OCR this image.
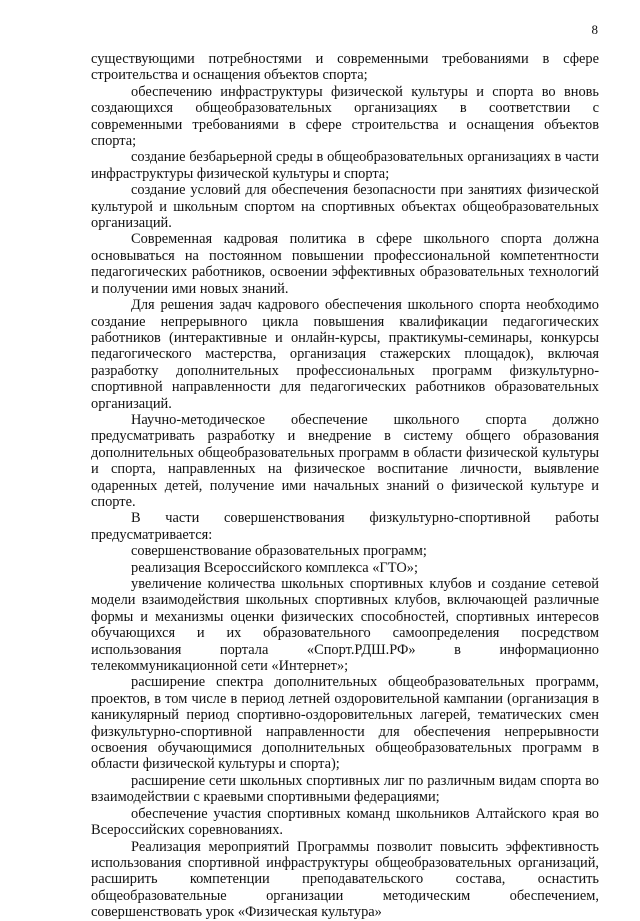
8

существующими потребностями и современными требованиями в сфере строительства и оснащения объектов спорта;

обеспечению инфраструктуры физической культуры и спорта во вновь создающихся общеобразовательных организациях в соответствии с современными требованиями в сфере строительства и оснащения объектов спорта;

создание безбарьерной среды в общеобразовательных организациях в части инфраструктуры физической культуры и спорта;

создание условий для обеспечения безопасности при занятиях физической культурой и школьным спортом на спортивных объектах общеобразовательных организаций.

Современная кадровая политика в сфере школьного спорта должна основываться на постоянном повышении профессиональной компетентности педагогических работников, освоении эффективных образовательных технологий и получении ими новых знаний.

Для решения задач кадрового обеспечения школьного спорта необходимо создание непрерывного цикла повышения квалификации педагогических работников (интерактивные и онлайн-курсы, практикумы-семинары, конкурсы педагогического мастерства, организация стажерских площадок), включая разработку дополнительных профессиональных программ физкультурно-спортивной направленности для педагогических работников образовательных организаций.

Научно-методическое обеспечение школьного спорта должно предусматривать разработку и внедрение в систему общего образования дополнительных общеобразовательных программ в области физической культуры и спорта, направленных на физическое воспитание личности, выявление одаренных детей, получение ими начальных знаний о физической культуре и спорте.

В части совершенствования физкультурно-спортивной работы предусматривается:

совершенствование образовательных программ;

реализация Всероссийского комплекса «ГТО»;

увеличение количества школьных спортивных клубов и создание сетевой модели взаимодействия школьных спортивных клубов, включающей различные формы и механизмы оценки физических способностей, спортивных интересов обучающихся и их образовательного самоопределения посредством использования портала «Спорт.РДШ.РФ» в информационно телекоммуникационной сети «Интернет»;

расширение спектра дополнительных общеобразовательных программ, проектов, в том числе в период летней оздоровительной кампании (организация в каникулярный период спортивно-оздоровительных лагерей, тематических смен физкультурно-спортивной направленности для обеспечения непрерывности освоения обучающимися дополнительных общеобразовательных программ в области физической культуры и спорта);

расширение сети школьных спортивных лиг по различным видам спорта во взаимодействии с краевыми спортивными федерациями;

обеспечение участия спортивных команд школьников Алтайского края во Всероссийских соревнованиях.

Реализация мероприятий Программы позволит повысить эффективность использования спортивной инфраструктуры общеобразовательных организаций, расширить компетенции преподавательского состава, оснастить общеобразовательные организации методическим обеспечением, совершенствовать урок «Физическая культура»
